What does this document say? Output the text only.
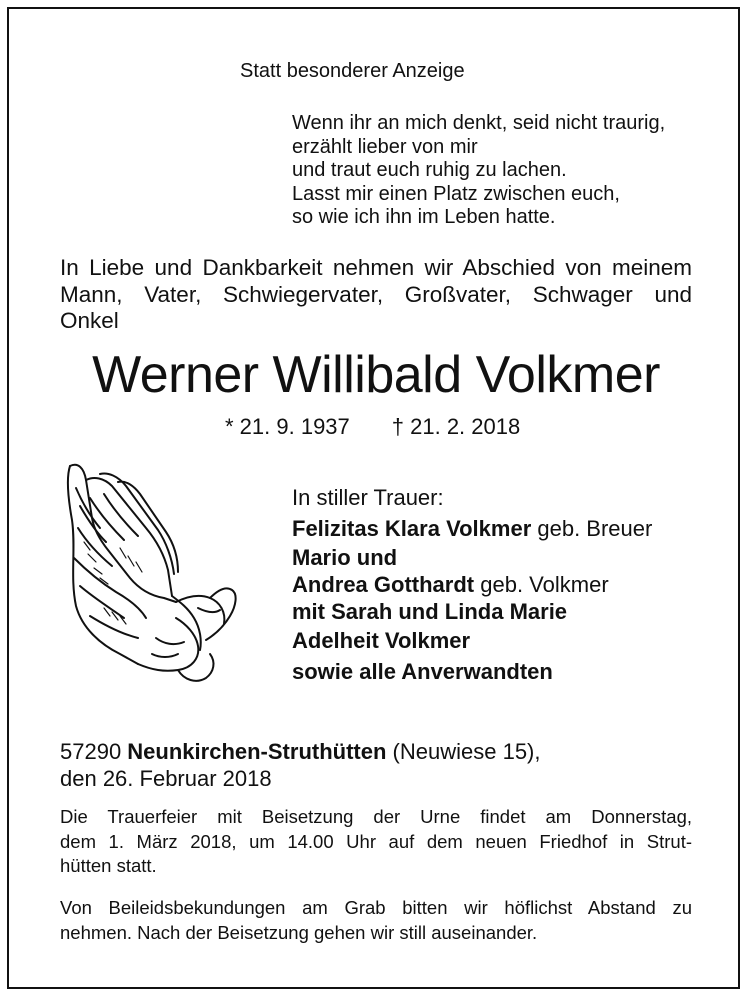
Statt besonderer Anzeige
Wenn ihr an mich denkt, seid nicht traurig,
erzählt lieber von mir
und traut euch ruhig zu lachen.
Lasst mir einen Platz zwischen euch,
so wie ich ihn im Leben hatte.
In Liebe und Dankbarkeit nehmen wir Abschied von meinem
Mann, Vater, Schwiegervater, Großvater, Schwager und
Onkel
Werner Willibald Volkmer
* 21. 9. 1937 † 21. 2. 2018
In stiller Trauer:
Felizitas Klara Volkmer geb. Breuer
Mario und
Andrea Gotthardt geb. Volkmer
mit Sarah und Linda Marie
Adelheit Volkmer
sowie alle Anverwandten
57290 Neunkirchen-Struthütten (Neuwiese 15),
den 26. Februar 2018
Die Trauerfeier mit Beisetzung der Urne findet am Donnerstag,
dem 1. März 2018, um 14.00 Uhr auf dem neuen Friedhof in Strut-
hütten statt.
Von Beileidsbekundungen am Grab bitten wir höflichst Abstand zu
nehmen. Nach der Beisetzung gehen wir still auseinander.
